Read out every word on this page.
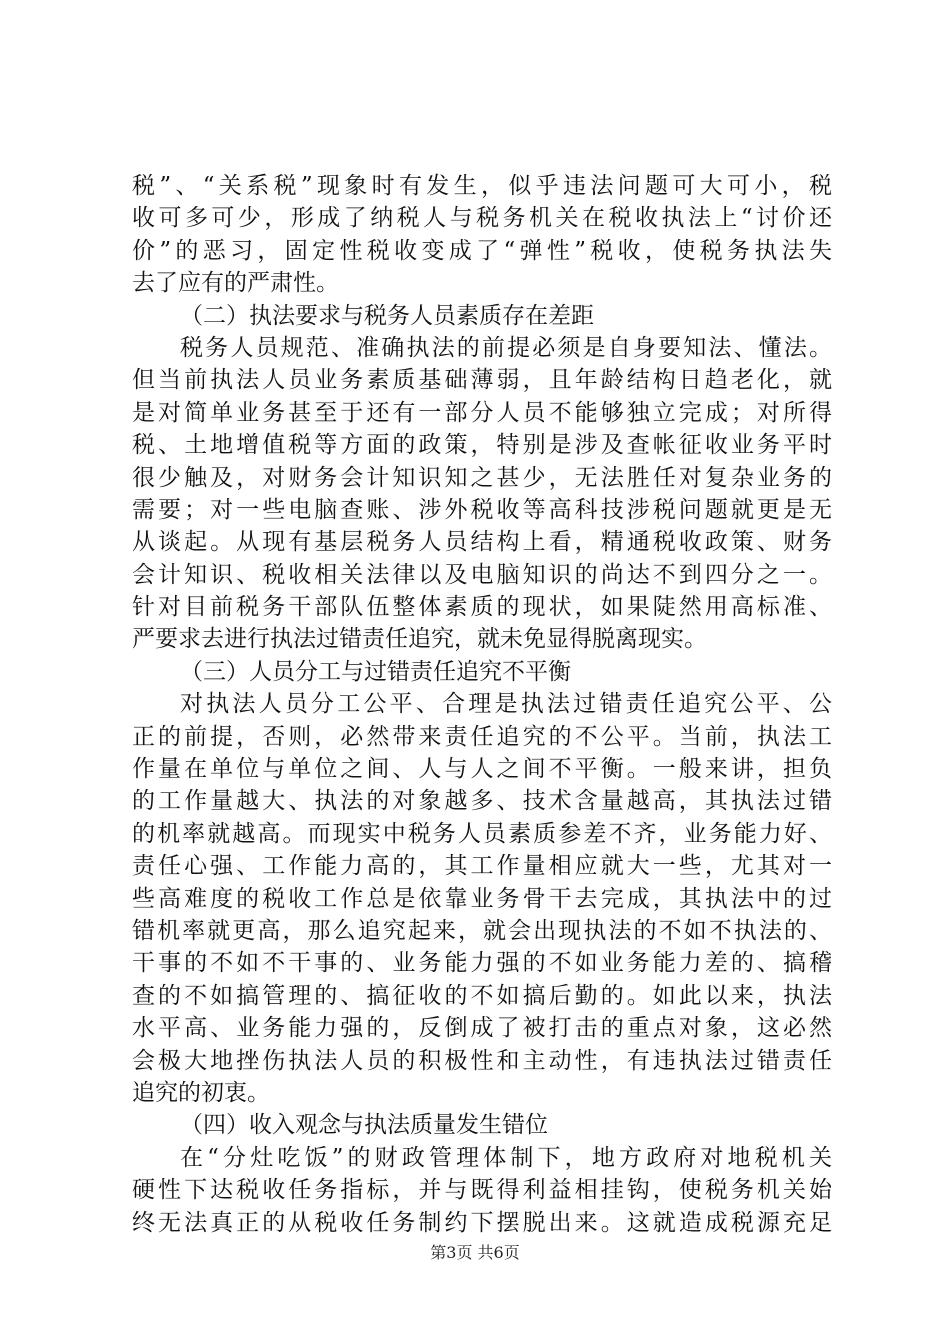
税”、“关系税”现象时有发生，似乎违法问题可大可小，税
收可多可少，形成了纳税人与税务机关在税收执法上“讨价还
价”的恶习，固定性税收变成了“弹性”税收，使税务执法失
去了应有的严肃性。
（二）执法要求与税务人员素质存在差距
税务人员规范、准确执法的前提必须是自身要知法、懂法。
但当前执法人员业务素质基础薄弱，且年龄结构日趋老化，就
是对简单业务甚至于还有一部分人员不能够独立完成；对所得
税、土地增值税等方面的政策，特别是涉及查帐征收业务平时
很少触及，对财务会计知识知之甚少，无法胜任对复杂业务的
需要；对一些电脑查账、涉外税收等高科技涉税问题就更是无
从谈起。从现有基层税务人员结构上看，精通税收政策、财务
会计知识、税收相关法律以及电脑知识的尚达不到四分之一。
针对目前税务干部队伍整体素质的现状，如果陡然用高标准、
严要求去进行执法过错责任追究，就未免显得脱离现实。
（三）人员分工与过错责任追究不平衡
对执法人员分工公平、合理是执法过错责任追究公平、公
正的前提，否则，必然带来责任追究的不公平。当前，执法工
作量在单位与单位之间、人与人之间不平衡。一般来讲，担负
的工作量越大、执法的对象越多、技术含量越高，其执法过错
的机率就越高。而现实中税务人员素质参差不齐，业务能力好、
责任心强、工作能力高的，其工作量相应就大一些，尤其对一
些高难度的税收工作总是依靠业务骨干去完成，其执法中的过
错机率就更高，那么追究起来，就会出现执法的不如不执法的、
干事的不如不干事的、业务能力强的不如业务能力差的、搞稽
查的不如搞管理的、搞征收的不如搞后勤的。如此以来，执法
水平高、业务能力强的，反倒成了被打击的重点对象，这必然
会极大地挫伤执法人员的积极性和主动性，有违执法过错责任
追究的初衷。
（四）收入观念与执法质量发生错位
在“分灶吃饭”的财政管理体制下，地方政府对地税机关
硬性下达税收任务指标，并与既得利益相挂钩，使税务机关始
终无法真正的从税收任务制约下摆脱出来。这就造成税源充足
第3页 共6页
